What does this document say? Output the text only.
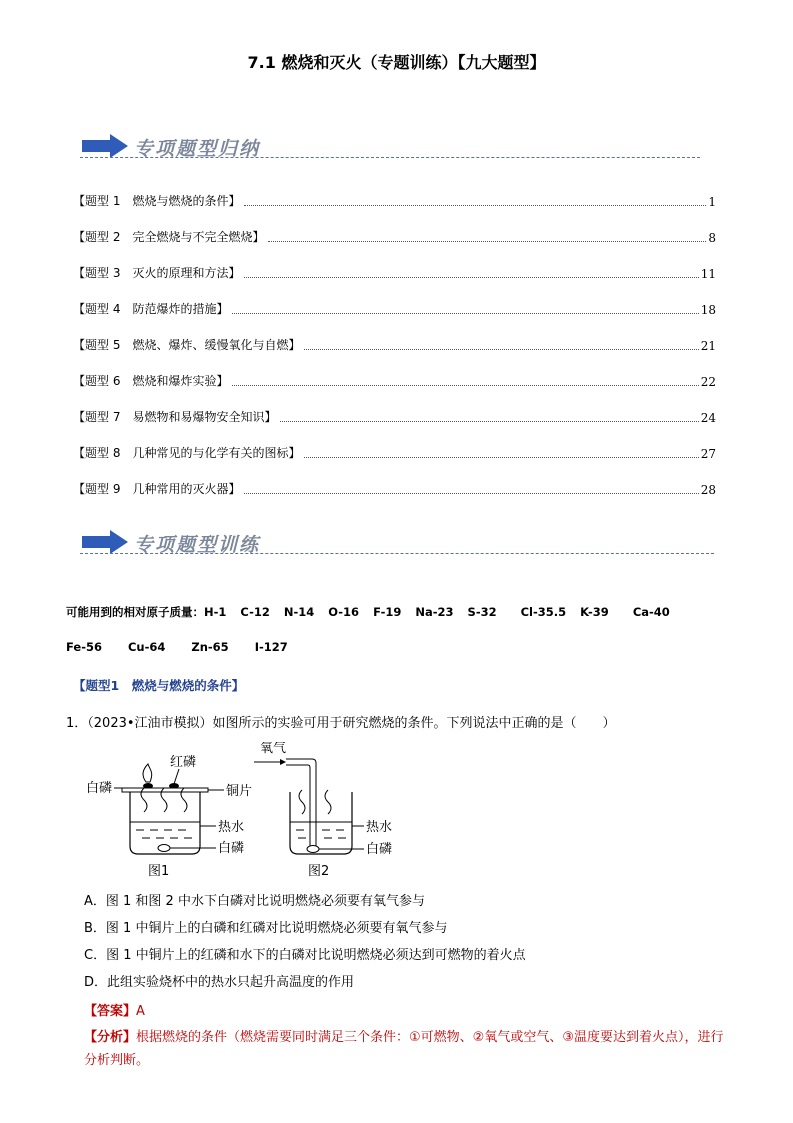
7.1 燃烧和灭火（专题训练）【九大题型】
专项题型归纳
【题型 1 燃烧与燃烧的条件】	1
【题型 2 完全燃烧与不完全燃烧】	8
【题型 3 灭火的原理和方法】	11
【题型 4 防范爆炸的措施】	18
【题型 5 燃烧、爆炸、缓慢氧化与自燃】	21
【题型 6 燃烧和爆炸实验】	22
【题型 7 易燃物和易爆物安全知识】	24
【题型 8 几种常见的与化学有关的图标】	27
【题型 9 几种常用的灭火器】	28
专项题型训练
可能用到的相对原子质量：H-1 C-12 N-14 O-16 F-19 Na-23 S-32 Cl-35.5 K-39 Ca-40
Fe-56 Cu-64 Zn-65 I-127
【题型1　燃烧与燃烧的条件】
1．（2023•江油市模拟）如图所示的实验可用于研究燃烧的条件。下列说法中正确的是（　　）
白磷
红磷
铜片
热水
白磷
图1
氧气
热水
白磷
图2
A．图 1 和图 2 中水下白磷对比说明燃烧必须要有氧气参与
B．图 1 中铜片上的白磷和红磷对比说明燃烧必须要有氧气参与
C．图 1 中铜片上的红磷和水下的白磷对比说明燃烧必须达到可燃物的着火点
D．此组实验烧杯中的热水只起升高温度的作用
【答案】A
【分析】根据燃烧的条件（燃烧需要同时满足三个条件：①可燃物、②氧气或空气、③温度要达到着火点），进行分析判断。
